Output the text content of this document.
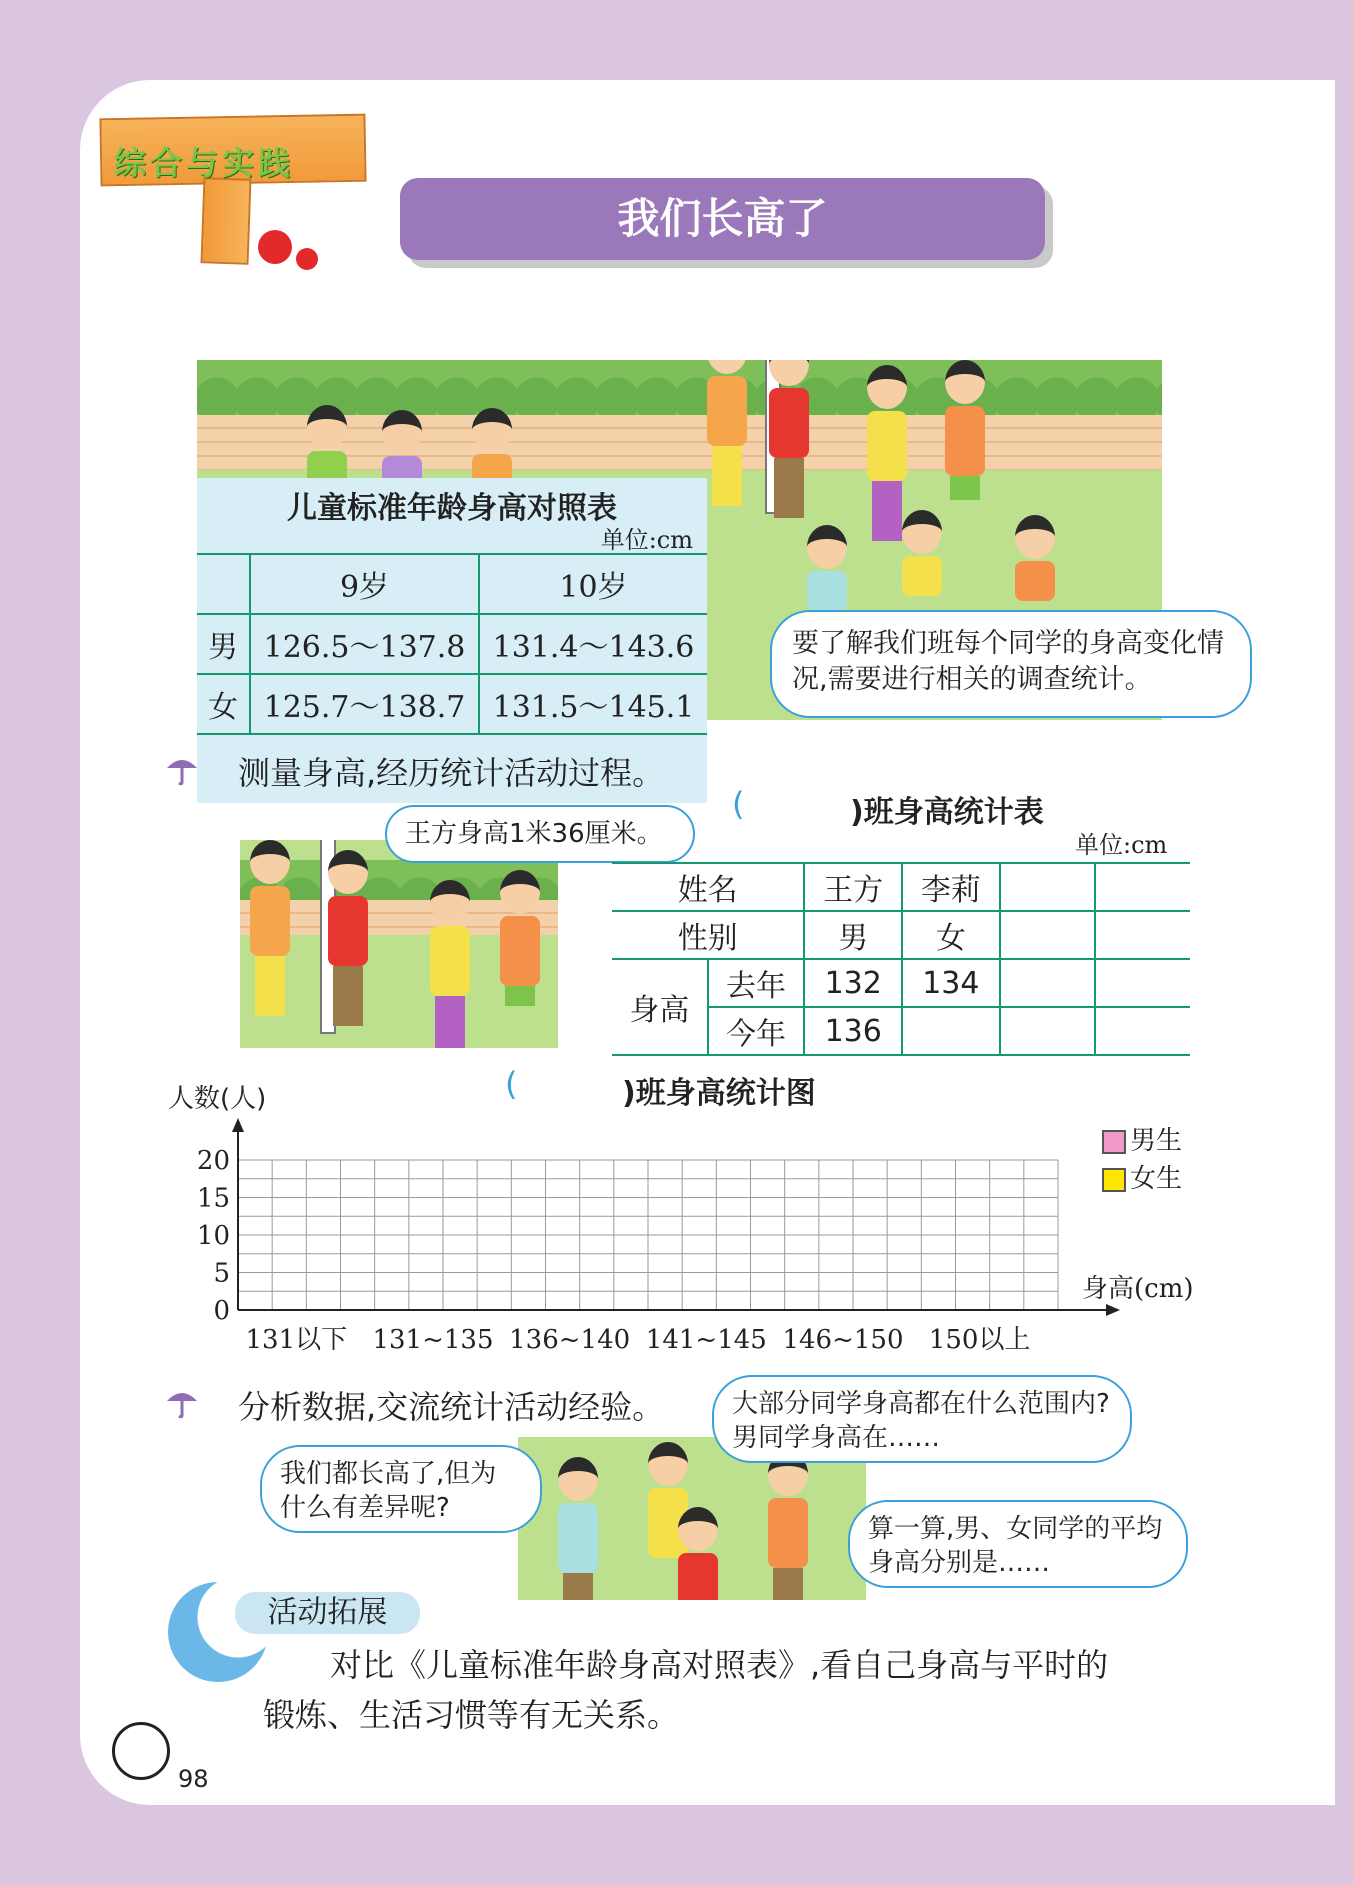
综合与实践
我们长高了
儿童标准年龄身高对照表
单位:cm
	9岁	10岁
男	126.5～137.8	131.4～143.6
女	125.7～138.7	131.5～145.1
要了解我们班每个同学的身高变化情况,需要进行相关的调查统计。
测量身高,经历统计活动过程。
王方身高1米36厘米。
(	)班身高统计表
单位:cm
姓名		王方	李莉		
性别		男	女		
身高	去年	132	134		
	今年	136			
(	)班身高统计图
人数(人)
身高(cm)
男生
女生
0
5
10
15
20
131以下 131~135 136~140 141~145 146~150 150以上
分析数据,交流统计活动经验。
我们都长高了,但为什么有差异呢?
大部分同学身高都在什么范围内?男同学身高在……
算一算,男、女同学的平均身高分别是……
活动拓展
对比《儿童标准年龄身高对照表》,看自己身高与平时的
锻炼、生活习惯等有无关系。
98
